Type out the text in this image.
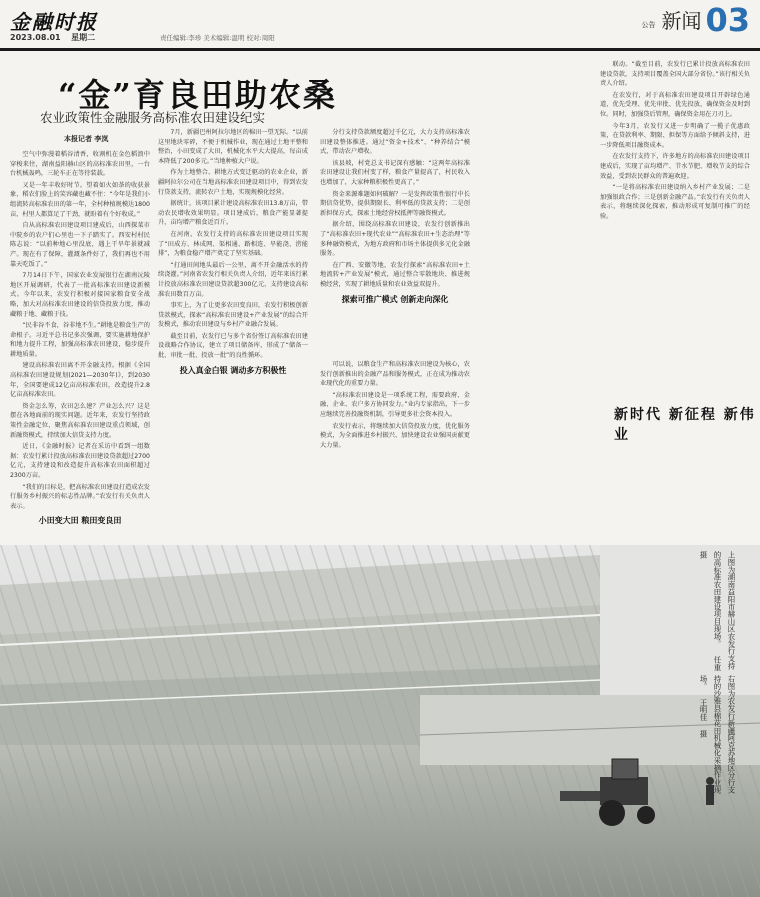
金融时报
2023.08.01 星期二	责任编辑:李珍 美术编辑:温明 校对:周阳
公告 新闻 03
“金”育良田助农桑
农业政策性金融服务高标准农田建设纪实
本报记者 李岚

空气中弥漫着稻谷清香，收割机在金色稻浪中穿梭来往，湖南益阳赫山区的高标准农田里，一台台机械轰鸣，三轮车正在等待装载。

又是一年丰收好时节。望着如火如荼的收获景象，稻农们脸上的笑容藏也藏不住：“今年是我们小组流转高标准农田的第一年，全村种植规模达1800亩，村里人都算足了干劲，就盼着有个好收成。”

自从高标准农田建设项目建成后，山西探菜市中院乡的农户们心里也一下子踏实了。西安村村民陈志说：“以前种地心里没底，遇上干旱年景就减产。现在有了保障，灌溉条件好了，我们再也不用靠天吃饭了。”

7月14日下午，国家农业发展银行在湖南沅陵地区开展调研，代表了一批高标准农田建设新模式。今年以来，农发行积极对接国家粮食安全战略，加大对高标准农田建设的信贷投放力度，推动藏粮于地、藏粮于技。

“民非谷不食，谷非地不生。”耕地是粮食生产的命根子。习近平总书记多次强调，要实施耕地保护和地力提升工程，加强高标准农田建设，稳步提升耕地质量。

建设高标准农田离不开金融支持。根据《全国高标准农田建设规划(2021—2030年)》，到2030年，全国要建成12亿亩高标准农田，改造提升2.8亿亩高标准农田。

资金怎么筹，农田怎么建？产业怎么兴？这是摆在各地面前的现实问题。近年来，农发行坚持政策性金融定位，聚焦高标准农田建设重点领域，创新融资模式，持续加大信贷支持力度。

近日，《金融时报》记者在采访中看到一组数据：农发行累计投放高标准农田建设贷款超过2700亿元，支持建设和改造提升高标准农田面积超过2300万亩。

“我们的目标是，把高标准农田建设打造成农发行服务乡村振兴的标志性品牌。”农发行有关负责人表示。

小田变大田 粮田变良田

7月，新疆巴州阿拉尔地区的棉田一望无际。“以前这里地块零碎，不便于机械作业，现在通过土地平整和整治，小田变成了大田，机械化水平大大提高，每亩成本降低了200多元。”当地种植大户说。

作为土地整合、耕地方式变迁驱动的农业企业，新疆阿拉尔公司在当地高标准农田建设项目中，得到农发行贷款支持，流转农户土地，实现规模化经营。

据统计，该项目累计建设高标准农田13.8万亩，带动农民增收效果明显。项目建成后，粮食产能显著提升，亩均增产粮食近百斤。

在河南，农发行支持的高标准农田建设项目实现了“田成方、林成网、渠相通、路相连、旱能浇、涝能排”，为粮食稳产增产奠定了坚实基础。

“打通田间地头最后一公里，离不开金融活水的持续浇灌。”河南省农发行相关负责人介绍，近年来该行累计投放高标准农田建设贷款超300亿元，支持建设高标准农田数百万亩。

事实上，为了让更多农田变良田，农发行积极创新贷款模式，探索“高标准农田建设+产业发展”的综合开发模式，推动农田建设与乡村产业融合发展。

截至目前，农发行已与多个省份签订高标准农田建设战略合作协议，建立了项目储备库，形成了“储备一批、审批一批、投放一批”的良性循环。

投入真金白银 调动多方积极性

分行支持贷款额度超过千亿元，大力支持高标准农田建设整体推进。通过“资金+技术”、“种养结合”模式，带动农户增收。

该县坡，村党总支书记深有感触：“这两年高标准农田建设让我们村变了样，粮食产量提高了，村民收入也增加了，大家种粮积极性更高了。”

资金来源难题如何破解？一是发挥政策性银行中长期信贷优势，提供期限长、利率低的贷款支持；二是创新担保方式，探索土地经营权抵押等融资模式。

据介绍，围绕高标准农田建设，农发行创新推出了“高标准农田+现代农业”“高标准农田+生态治理”等多种融资模式，为地方政府和市场主体提供多元化金融服务。

在广西、安徽等地，农发行探索“高标准农田+土地流转+产业发展”模式，通过整合零散地块、推进规模经营，实现了耕地质量和农业效益双提升。

探索可推广模式 创新走向深化

可以说，以粮食生产和高标准农田建设为核心，农发行创新推出的金融产品和服务模式，正在成为推动农业现代化的重要力量。

“高标准农田建设是一项系统工程，需要政府、金融、企业、农户多方协同发力。”业内专家指出，下一步应继续完善投融资机制，引导更多社会资本投入。

农发行表示，将继续加大信贷投放力度，优化服务模式，为全面推进乡村振兴、加快建设农业强国贡献更大力量。

联动。“截至目前，农发行已累计投放高标准农田建设贷款，支持项目覆盖全国大部分省份。”该行相关负责人介绍。

在农发行，对于高标准农田建设项目开辟绿色通道，优先受理、优先审批、优先投放，确保资金及时到位。同时，加强贷后管理，确保资金用在刀刃上。

今年3月，农发行又进一步明确了一揽子优惠政策，在贷款利率、期限、担保等方面给予倾斜支持，进一步降低项目融资成本。

在农发行支持下，许多地方的高标准农田建设项目建成后，实现了亩均增产、节水节肥、增收节支的综合效益，受到农民群众的普遍欢迎。

“一是将高标准农田建设纳入乡村产业发展；二是加强银政合作；三是创新金融产品。”农发行有关负责人表示，将继续深化探索，推动形成可复制可推广的经验。

新时代 新征程 新伟业
上图为湖南益阳市赫山区农发行支持的高标准农田建设项目现场。 任重 摄
右图为农发行新疆阿克苏地区分行支持的沙雅县棉花田机械化采摘作业现场。 王明佳 摄
